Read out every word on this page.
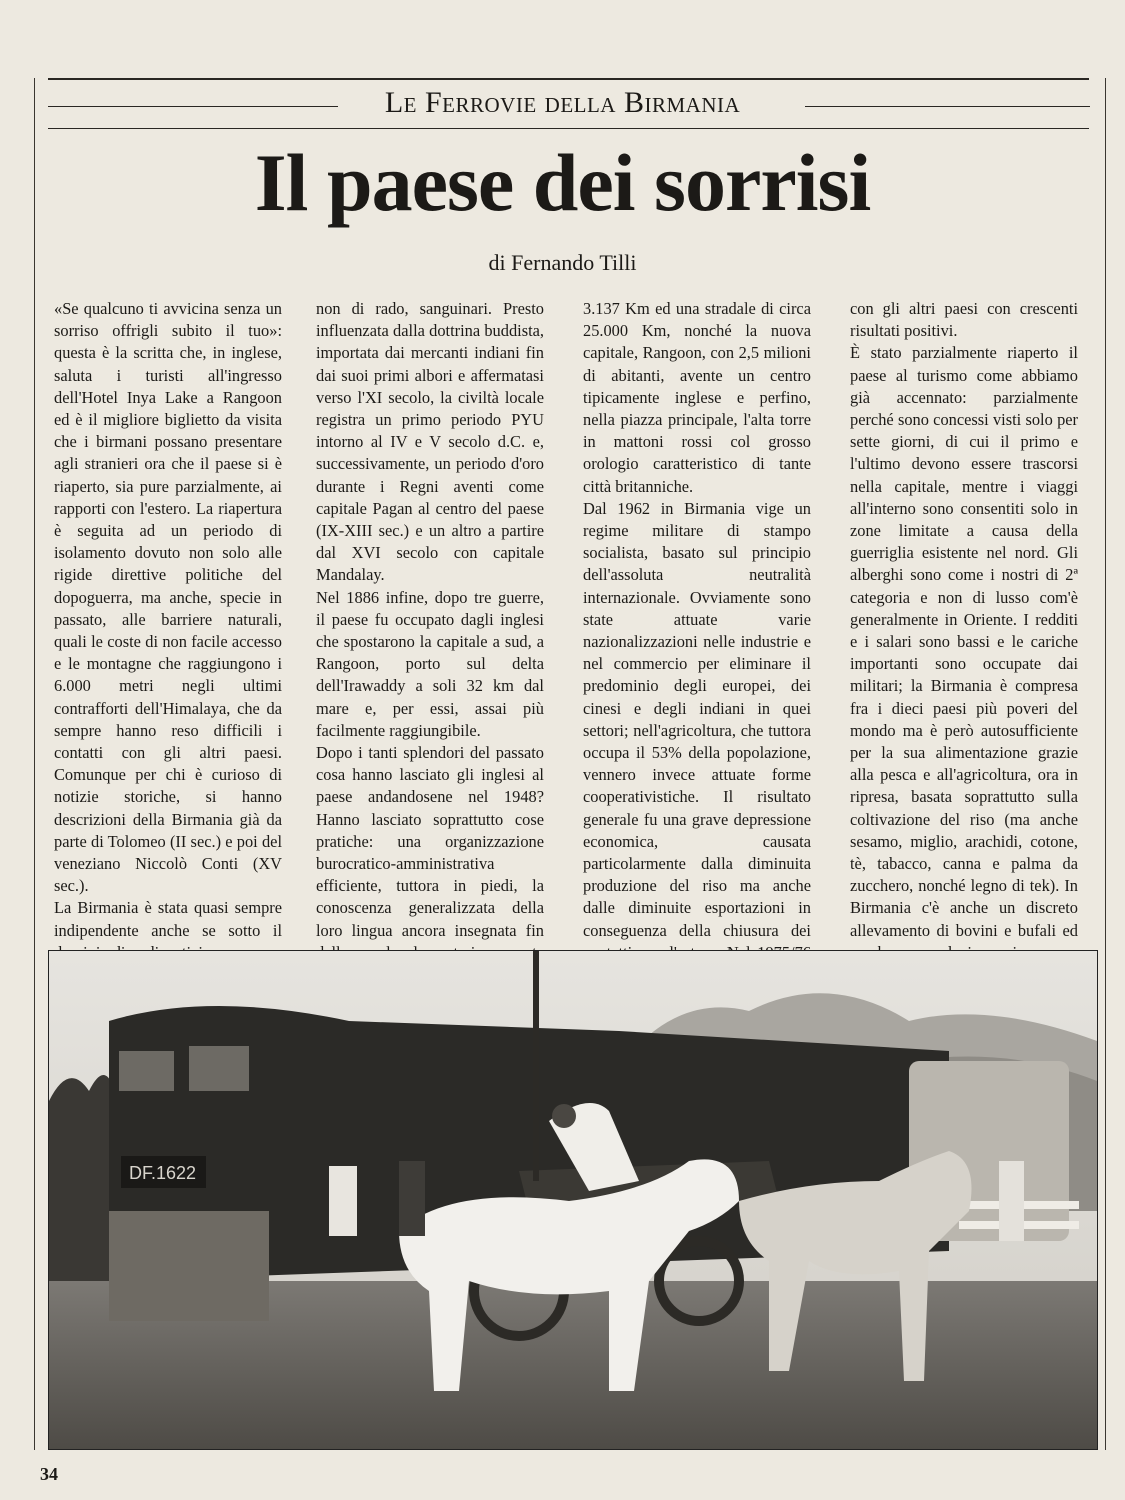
Le Ferrovie della Birmania
Il paese dei sorrisi
di Fernando Tilli

«Se qualcuno ti avvicina senza un sorriso offrigli subito il tuo»: questa è la scritta che, in inglese, saluta i turisti all'ingresso dell'Hotel Inya Lake a Rangoon ed è il migliore biglietto da visita che i birmani possano presentare agli stranieri ora che il paese si è riaperto, sia pure parzialmente, ai rapporti con l'estero. La riapertura è seguita ad un periodo di isolamento dovuto non solo alle rigide direttive politiche del dopoguerra, ma anche, specie in passato, alle barriere naturali, quali le coste di non facile accesso e le montagne che raggiungono i 6.000 metri negli ultimi contrafforti dell'Himalaya, che da sempre hanno reso difficili i contatti con gli altri paesi. Comunque per chi è curioso di notizie storiche, si hanno descrizioni della Birmania già da parte di Tolomeo (II sec.) e poi del veneziano Niccolò Conti (XV sec.).

La Birmania è stata quasi sempre indipendente anche se sotto il

non di rado, sanguinari. Presto influenzata dalla dottrina buddista, importata dai mercanti indiani fin dai suoi primi albori e affermatasi verso l'XI secolo, la civiltà locale registra un primo periodo PYU intorno al IV e V secolo d.C. e, successivamente, un periodo d'oro durante i Regni aventi come capitale Pagan al centro del paese (IX-XIII sec.) e un altro a partire dal XVI secolo con capitale Mandalay.

Nel 1886 infine, dopo tre guerre, il paese fu occupato dagli inglesi che spostarono la capitale a sud, a Rangoon, porto sul delta dell'Irawaddy a soli 32 km dal mare e, per essi, assai più facilmente raggiungibile.

Dopo i tanti splendori del passato cosa hanno lasciato gli inglesi al paese andandosene nel 1948? Hanno lasciato soprattutto cose pratiche: una organizzazione burocratico-amministrativa efficiente, tuttora in piedi, la conoscenza generalizzata della loro lingua ancora insegnata fin

3.137 Km ed una stradale di circa 25.000 Km, nonché la nuova capitale, Rangoon, con 2,5 milioni di abitanti, avente un centro tipicamente inglese e perfino, nella piazza principale, l'alta torre in mattoni rossi col grosso orologio caratteristico di tante città britanniche.

Dal 1962 in Birmania vige un regime militare di stampo socialista, basato sul principio dell'assoluta neutralità internazionale. Ovviamente sono state attuate varie nazionalizzazioni nelle industrie e nel commercio per eliminare il predominio degli europei, dei cinesi e degli indiani in quei settori; nell'agricoltura, che tuttora occupa il 53% della popolazione, vennero invece attuate forme cooperativistiche. Il risultato generale fu una grave depressione economica, causata particolarmente dalla diminuita produzione del riso ma anche dalle diminuite esportazioni in conseguenza della chiusura dei

con gli altri paesi con crescenti risultati positivi.

È stato parzialmente riaperto il paese al turismo come abbiamo già accennato: parzialmente perché sono concessi visti solo per sette giorni, di cui il primo e l'ultimo devono essere trascorsi nella capitale, mentre i viaggi all'interno sono consentiti solo in zone limitate a causa della guerriglia esistente nel nord. Gli alberghi sono come i nostri di 2ª categoria e non di lusso com'è generalmente in Oriente. I redditi e i salari sono bassi e le cariche importanti sono occupate dai militari; la Birmania è compresa fra i dieci paesi più poveri del mondo ma è però autosufficiente per la sua alimentazione grazie alla pesca e all'agricoltura, ora in ripresa, basata soprattutto sulla coltivazione del riso (ma anche sesamo, miglio, arachidi, cotone, tè, tabacco, canna e palma da zucchero, nonché legno di tek). In Birmania c'è anche un discreto allevamento di bovini e bufali ed

DF.1622
34
